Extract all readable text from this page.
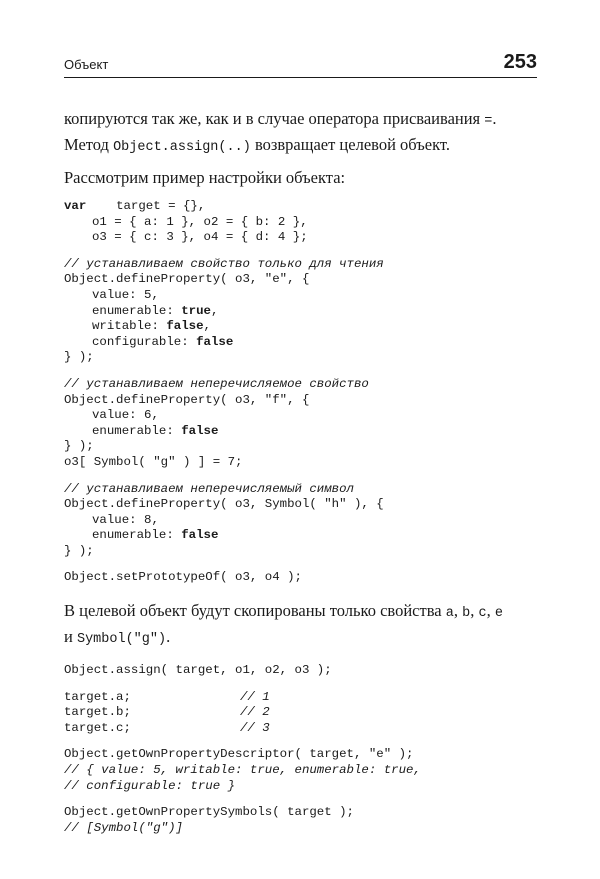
Объект	253

копируются так же, как и в случае оператора присваивания =.
Метод Object.assign(..) возвращает целевой объект.

Рассмотрим пример настройки объекта:

var target = {},
o1 = { a: 1 }, o2 = { b: 2 },
o3 = { c: 3 }, o4 = { d: 4 };
// устанавливаем свойство только для чтения
Object.defineProperty( o3, "e", {
value: 5,
enumerable: true,
writable: false,
configurable: false
} );
// устанавливаем неперечисляемое свойство
Object.defineProperty( o3, "f", {
value: 6,
enumerable: false
} );
o3[ Symbol( "g" ) ] = 7;
// устанавливаем неперечисляемый символ
Object.defineProperty( o3, Symbol( "h" ), {
value: 8,
enumerable: false
} );
Object.setPrototypeOf( o3, o4 );

В целевой объект будут скопированы только свойства a, b, c, e
и Symbol("g").

Object.assign( target, o1, o2, o3 );
target.a;	// 1
target.b;	// 2
target.c;	// 3
Object.getOwnPropertyDescriptor( target, "e" );
// { value: 5, writable: true, enumerable: true,
// configurable: true }
Object.getOwnPropertySymbols( target );
// [Symbol("g")]
